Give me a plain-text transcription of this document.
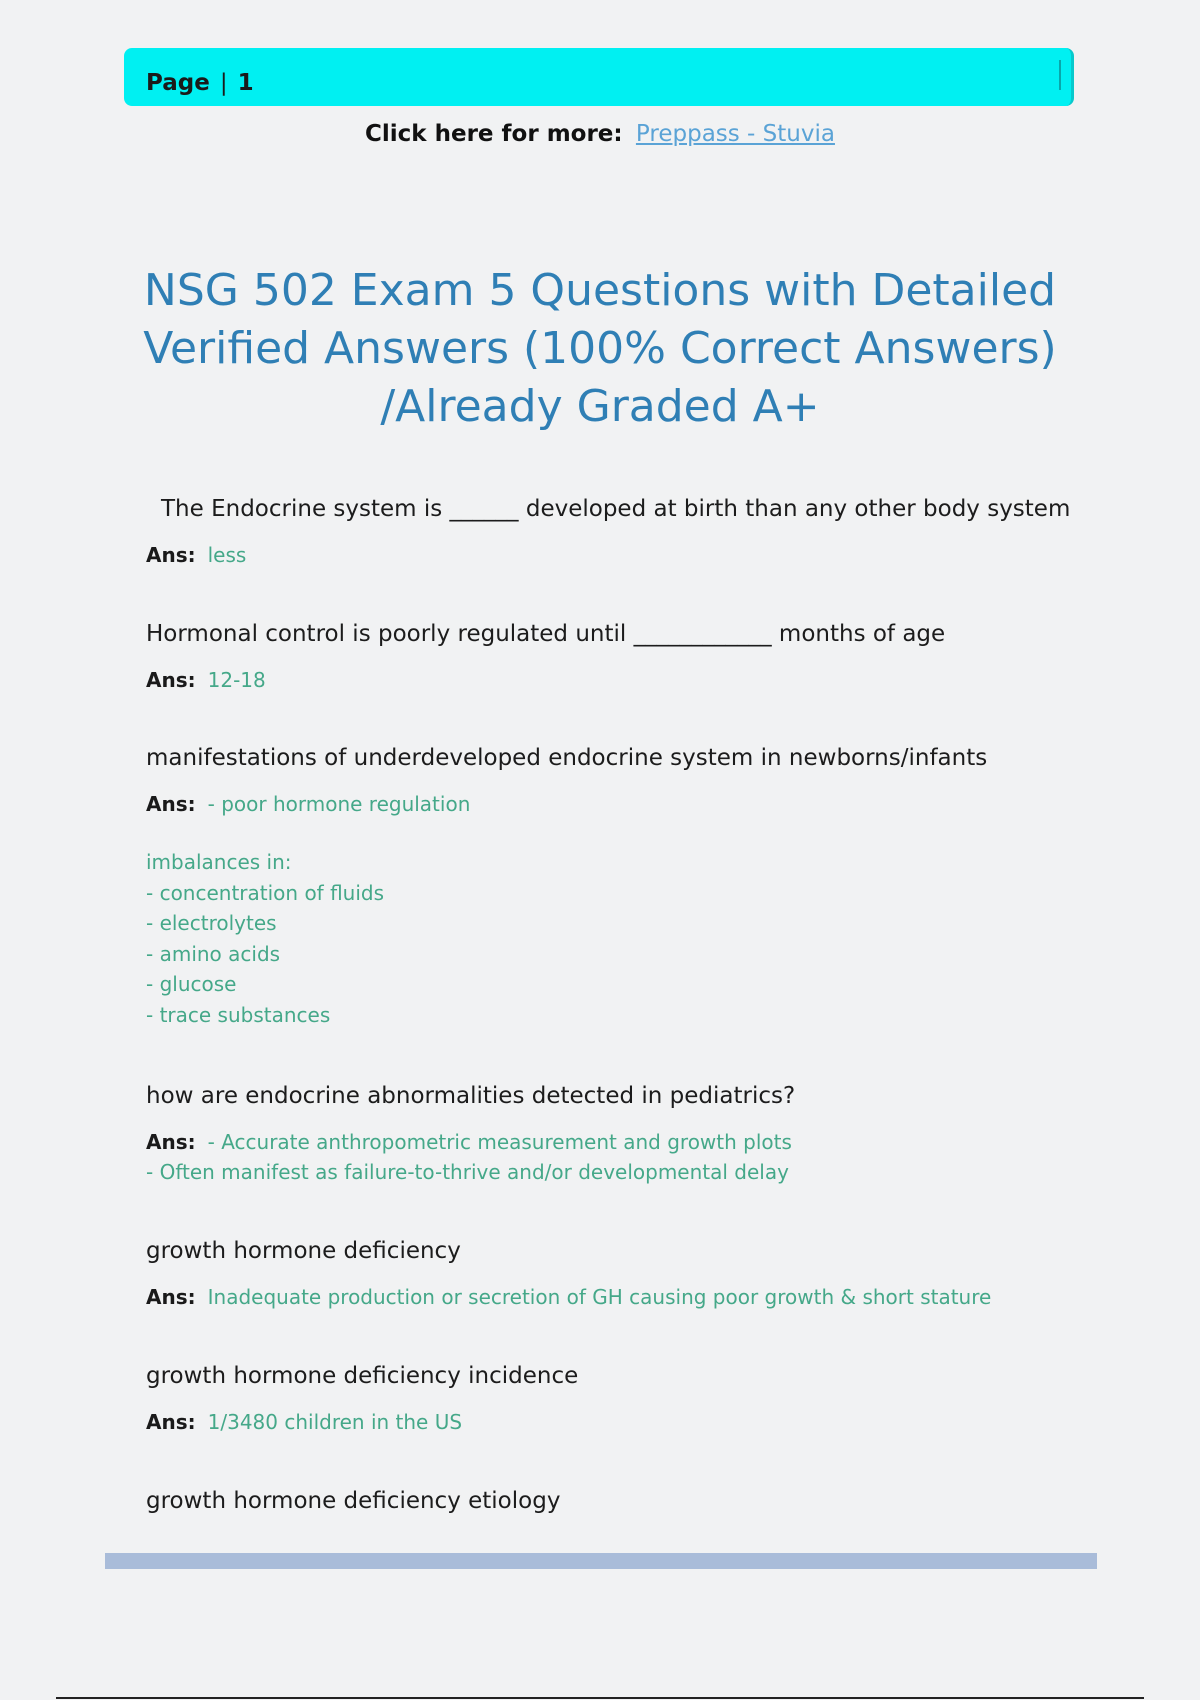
Page | 1
Click here for more: Preppass - Stuvia
NSG 502 Exam 5 Questions with Detailed Verified Answers (100% Correct Answers) /Already Graded A+
The Endocrine system is ______ developed at birth than any other body system
Ans: less
Hormonal control is poorly regulated until ____________ months of age
Ans: 12-18
manifestations of underdeveloped endocrine system in newborns/infants
Ans: - poor hormone regulation
imbalances in:
- concentration of fluids
- electrolytes
- amino acids
- glucose
- trace substances
how are endocrine abnormalities detected in pediatrics?
Ans: - Accurate anthropometric measurement and growth plots
- Often manifest as failure-to-thrive and/or developmental delay
growth hormone deficiency
Ans: Inadequate production or secretion of GH causing poor growth & short stature
growth hormone deficiency incidence
Ans: 1/3480 children in the US
growth hormone deficiency etiology
